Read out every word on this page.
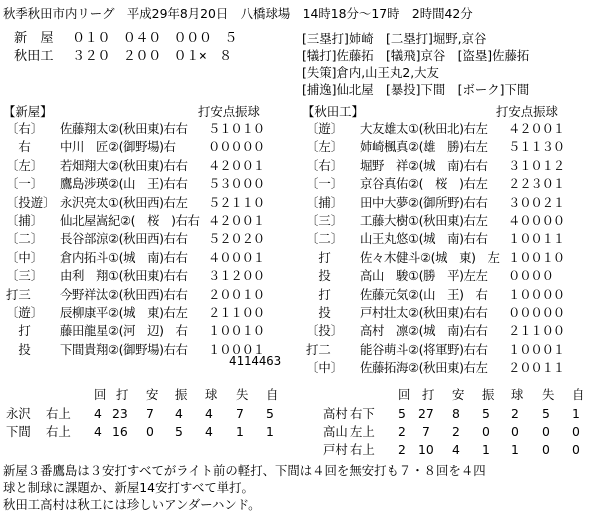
秋季秋田市内リーグ　平成29年8月20日　八橋球場　14時18分～17時　2時間42分
新　屋 ０１０　０４０　０００　５
秋田工 ３２０　２００　０１×　８
[三塁打]姉崎　[二塁打]堀野,京谷
[犠打]佐藤拓　[犠飛]京谷　[盗塁]佐藤拓
[失策]倉内,山王丸2,大友
[捕逸]仙北屋　[暴投]下間　[ボーク]下間
【新屋】	打安点振球	【秋田工】	打安点振球
〔右〕 佐藤翔太②(秋田東)右右 ５１０１０
　右　 中川　匠②(御野場)右	０００００
〔左〕 若畑翔大②(秋田東)右右 ４２００１
〔一〕 鷹島涉瑛②(山　王)右右 ５３０００
〔投遊〕 永沢亮太①(秋田西)右左 ５２１１０
〔捕〕 仙北屋嵩紀②(　桜　)右右 ４２００１
〔二〕 長谷部涼②(秋田西)右右 ５２０２０
〔中〕 倉内拓斗①(城　南)右右 ４０００１
〔三〕 由利　翔①(秋田東)右右 ３１２００
打三 今野祥汰②(秋田西)右右 ２００１０
〔遊〕 辰柳康平②(城　東)右左 ２１１００
　打 藤田龍星②(河　辺)　右 １００１０
　投 下間貴翔②(御野場)右右 １０００１
4114463
〔遊〕 大友雄太①(秋田北)右左 ４２００１
〔左〕 姉崎楓真②(雄　勝)右左 ５１１３０
〔右〕 堀野　祥②(城　南)右右 ３１０１２
〔一〕 京谷真佑②(　桜　)右左 ２２３０１
〔捕〕 田中大夢②(御所野)右右 ３００２１
〔三〕 工藤大樹①(秋田東)右左 ４００００
〔二〕 山王丸悠①(城　南)右右 １００１１
　打 佐々木健斗②(城　東)　左 １００１０
　投 高山　駿①(勝　平)左左 ００００
　打 佐藤元気②(山　王)　右 １００００
　投 戸村壮太②(秋田東)右右 ０００００
〔投〕 高村　凛②(城　南)右右 ２１１００
打二 能谷萌斗②(将軍野)右右 １０００１
〔中〕 佐藤拓海②(秋田東)右左 ２００１１
回 打 安 振 球 失 自	回 打 安 振 球 失 自
永沢 右上 4 23 7 4 4 7 5
下間 右上 4 16 0 5 4 1 1
高村 右下 5 27 8 5 2 5 1
高山 左上 2 7 2 0 0 0 0
戸村 右上 2 10 4 1 1 0 0
新屋３番鷹島は３安打すべてがライト前の軽打、下間は４回を無安打も７・８回を４四
球と制球に課題か、新屋14安打すべて単打。
秋田工高村は秋工には珍しいアンダーハンド。
